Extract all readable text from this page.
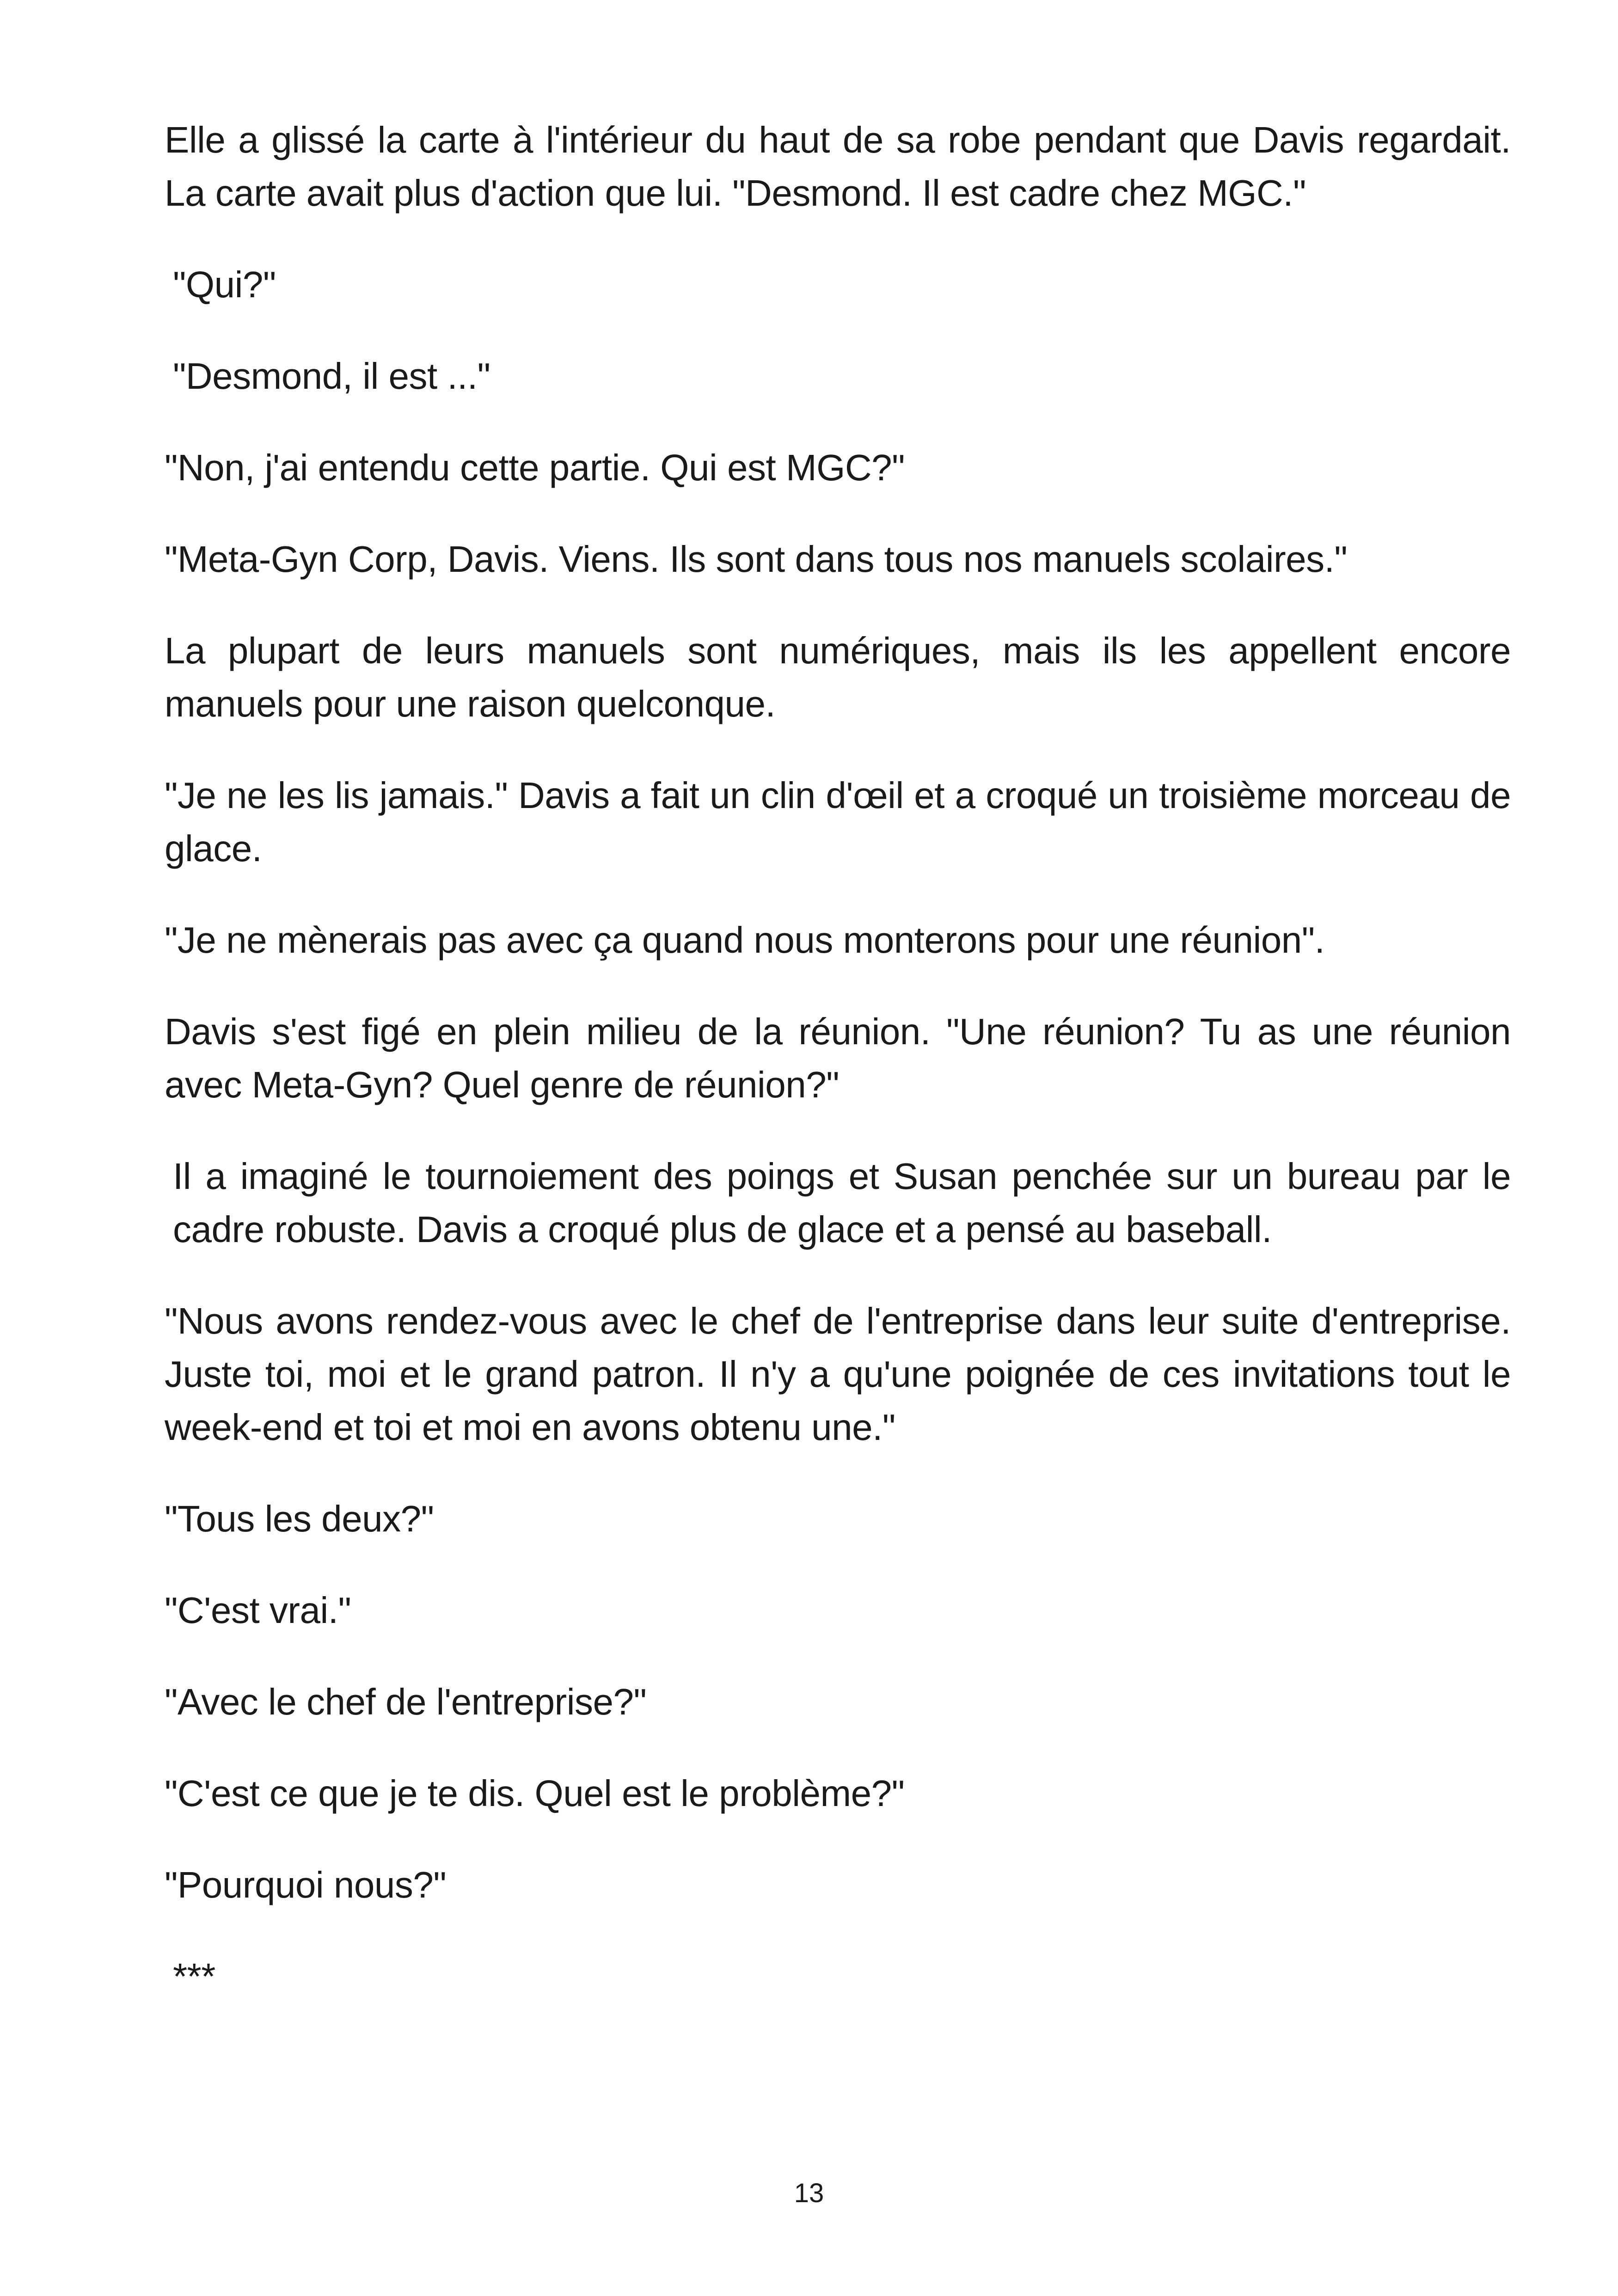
Elle a glissé la carte à l'intérieur du haut de sa robe pendant que Davis regardait. La carte avait plus d'action que lui. "Desmond. Il est cadre chez MGC."

"Qui?"

"Desmond, il est ..."

"Non, j'ai entendu cette partie. Qui est MGC?"

"Meta-Gyn Corp, Davis. Viens. Ils sont dans tous nos manuels scolaires."

La plupart de leurs manuels sont numériques, mais ils les appellent encore manuels pour une raison quelconque.

"Je ne les lis jamais." Davis a fait un clin d'œil et a croqué un troisième morceau de glace.

"Je ne mènerais pas avec ça quand nous monterons pour une réunion".

Davis s'est figé en plein milieu de la réunion. "Une réunion? Tu as une réunion avec Meta-Gyn? Quel genre de réunion?"

Il a imaginé le tournoiement des poings et Susan penchée sur un bureau par le cadre robuste. Davis a croqué plus de glace et a pensé au baseball.

"Nous avons rendez-vous avec le chef de l'entreprise dans leur suite d'entreprise. Juste toi, moi et le grand patron. Il n'y a qu'une poignée de ces invitations tout le week-end et toi et moi en avons obtenu une."

"Tous les deux?"

"C'est vrai."

"Avec le chef de l'entreprise?"

"C'est ce que je te dis. Quel est le problème?"

"Pourquoi nous?"

***

13
